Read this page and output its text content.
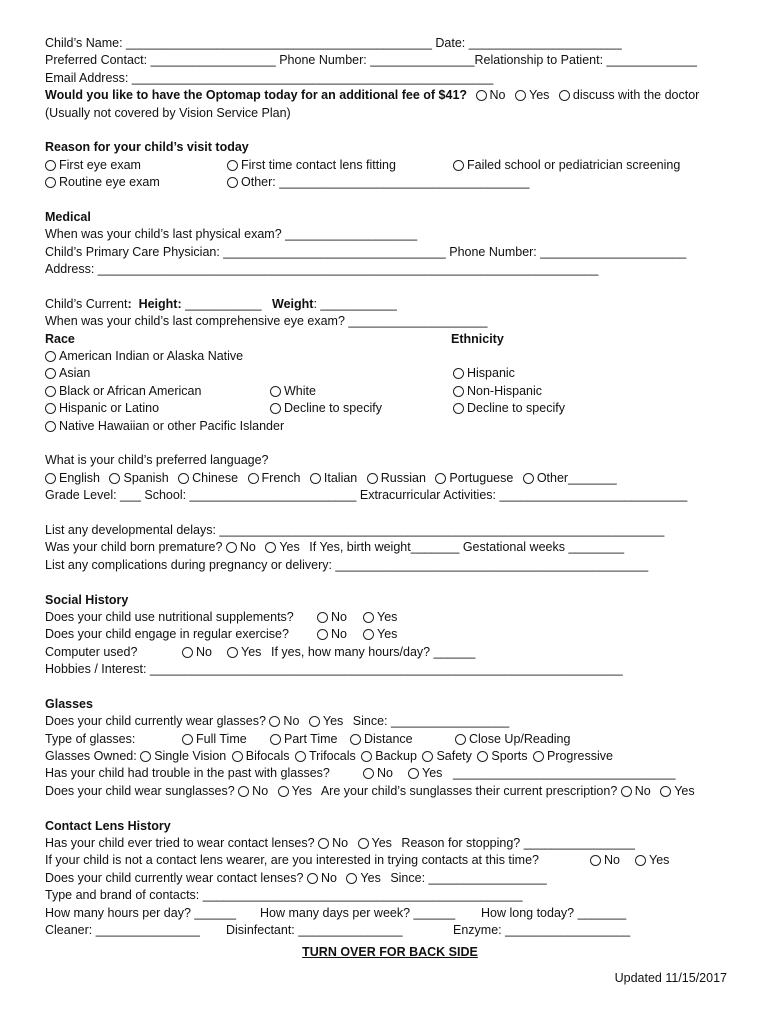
Child’s Name: ____________________________________________ Date: ______________________
Preferred Contact: __________________ Phone Number: _______________Relationship to Patient: _____________
Email Address: ____________________________________________________
Would you like to have the Optomap today for an additional fee of $41? No Yes discuss with the doctor
(Usually not covered by Vision Service Plan)
Reason for your child’s visit today
First eye exam	First time contact lens fitting	Failed school or pediatrician screening
Routine eye exam	Other: ____________________________________
Medical
When was your child’s last physical exam? ___________________
Child’s Primary Care Physician: ________________________________ Phone Number: _____________________
Address: ________________________________________________________________________
Child’s Current:  Height: ___________ Weight: ___________
When was your child’s last comprehensive eye exam? ____________________
Race	Ethnicity
American Indian or Alaska Native
Asian	Hispanic
Black or African American	White	Non-Hispanic
Hispanic or Latino	Decline to specify	Decline to specify
Native Hawaiian or other Pacific Islander
What is your child’s preferred language?
English Spanish Chinese French Italian Russian Portuguese Other_______
Grade Level: ___ School: ________________________ Extracurricular Activities: ___________________________
List any developmental delays: ________________________________________________________________
Was your child born premature? No Yes If Yes, birth weight_______ Gestational weeks ________
List any complications during pregnancy or delivery: _____________________________________________
Social History
Does your child use nutritional supplements?	No	Yes
Does your child engage in regular exercise?	No	Yes
Computer used?	No	Yes If yes, how many hours/day? ______
Hobbies / Interest: ____________________________________________________________________
Glasses
Does your child currently wear glasses? No Yes Since: _________________
Type of glasses:	Full Time	Part Time	Distance	Close Up/Reading
Glasses Owned: Single Vision Bifocals Trifocals Backup Safety Sports Progressive
Has your child had trouble in the past with glasses?	No	Yes ________________________________
Does your child wear sunglasses? No Yes Are your child’s sunglasses their current prescription? No Yes
Contact Lens History
Has your child ever tried to wear contact lenses? No Yes Reason for stopping? ________________
If your child is not a contact lens wearer, are you interested in trying contacts at this time?	No	Yes
Does your child currently wear contact lenses? No Yes Since: _________________
Type and brand of contacts: ______________________________________________
How many hours per day? ______ How many days per week? ______ How long today? _______
Cleaner: _______________ Disinfectant: _______________	Enzyme: __________________
TURN OVER FOR BACK SIDE
Updated 11/15/2017
